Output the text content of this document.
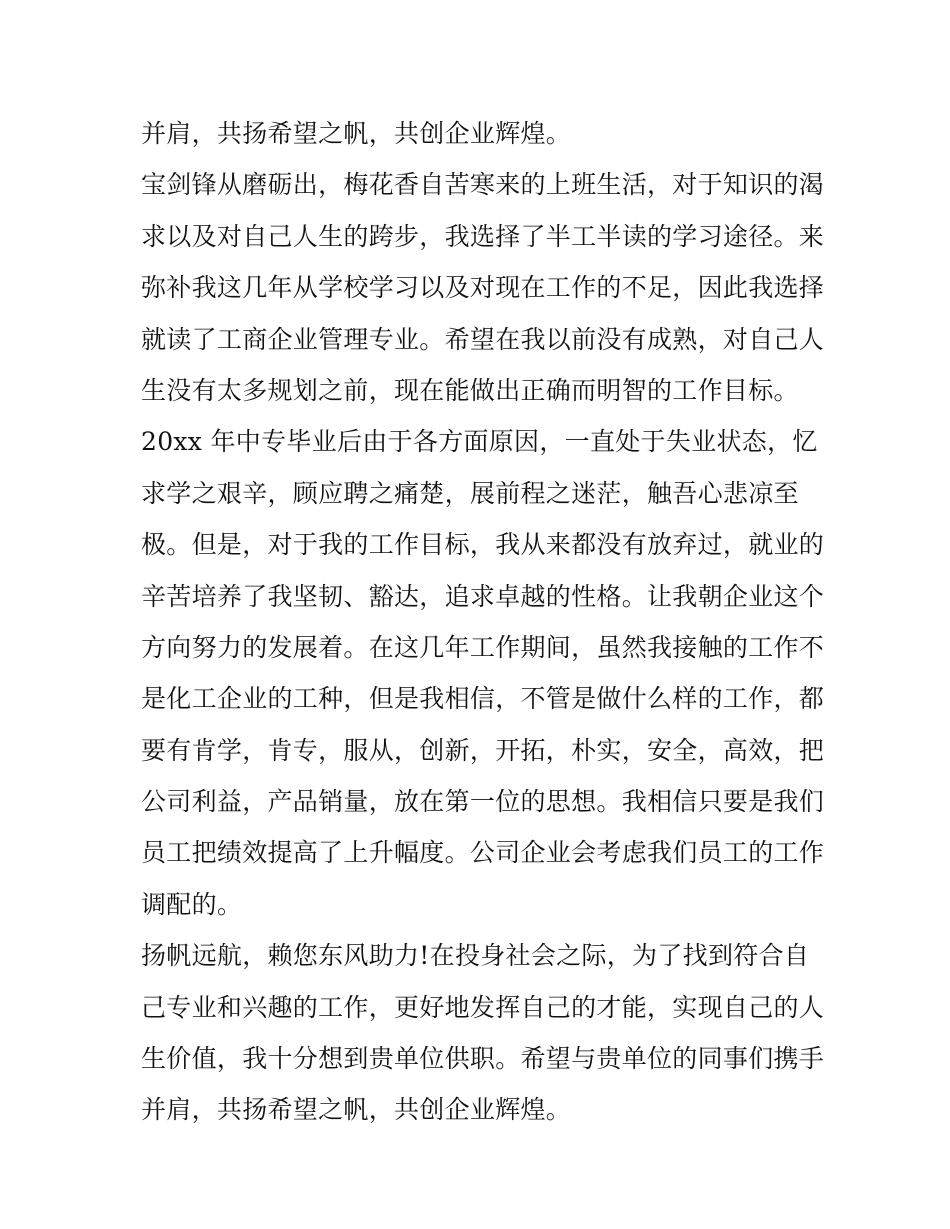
并肩，共扬希望之帆，共创企业辉煌。
宝剑锋从磨砺出，梅花香自苦寒来的上班生活，对于知识的渴
求以及对自己人生的跨步，我选择了半工半读的学习途径。来
弥补我这几年从学校学习以及对现在工作的不足，因此我选择
就读了工商企业管理专业。希望在我以前没有成熟，对自己人
生没有太多规划之前，现在能做出正确而明智的工作目标。
20xx 年中专毕业后由于各方面原因，一直处于失业状态，忆
求学之艰辛，顾应聘之痛楚，展前程之迷茫，触吾心悲凉至
极。但是，对于我的工作目标，我从来都没有放弃过，就业的
辛苦培养了我坚韧、豁达，追求卓越的性格。让我朝企业这个
方向努力的发展着。在这几年工作期间，虽然我接触的工作不
是化工企业的工种，但是我相信，不管是做什么样的工作，都
要有肯学，肯专，服从，创新，开拓，朴实，安全，高效，把
公司利益，产品销量，放在第一位的思想。我相信只要是我们
员工把绩效提高了上升幅度。公司企业会考虑我们员工的工作
调配的。
扬帆远航，赖您东风助力!在投身社会之际，为了找到符合自
己专业和兴趣的工作，更好地发挥自己的才能，实现自己的人
生价值，我十分想到贵单位供职。希望与贵单位的同事们携手
并肩，共扬希望之帆，共创企业辉煌。
